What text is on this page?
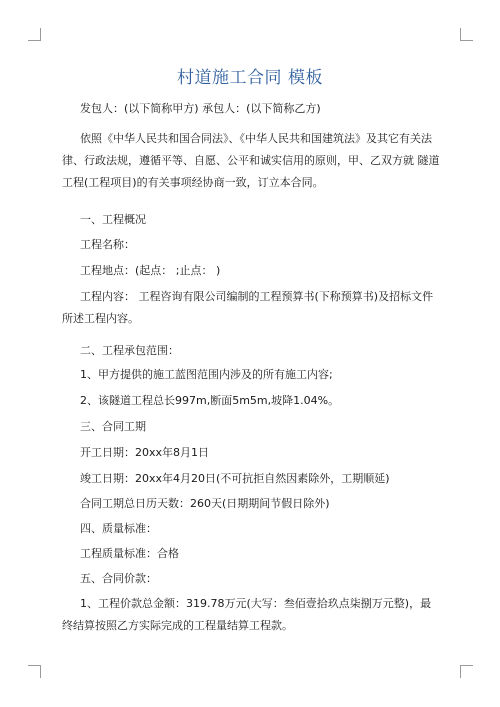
村道施工合同 模板

发包人：(以下简称甲方) 承包人：(以下简称乙方)

依照《中华人民共和国合同法》、《中华人民共和国建筑法》及其它有关法律、行政法规，遵循平等、自愿、公平和诚实信用的原则，甲、乙双方就 隧道工程(工程项目)的有关事项经协商一致，订立本合同。

一、工程概况

工程名称：

工程地点：(起点： ;止点： )

工程内容： 工程咨询有限公司编制的工程预算书(下称预算书)及招标文件所述工程内容。

二、工程承包范围：

1、甲方提供的施工蓝图范围内涉及的所有施工内容;

2、该隧道工程总长997m,断面5m5m,坡降1.04%。

三、合同工期

开工日期：20xx年8月1日

竣工日期：20xx年4月20日(不可抗拒自然因素除外，工期顺延)

合同工期总日历天数：260天(日期期间节假日除外)

四、质量标准：

工程质量标准：合格

五、合同价款：

1、工程价款总金额：319.78万元(大写：叁佰壹拾玖点柒捌万元整)，最终结算按照乙方实际完成的工程量结算工程款。
